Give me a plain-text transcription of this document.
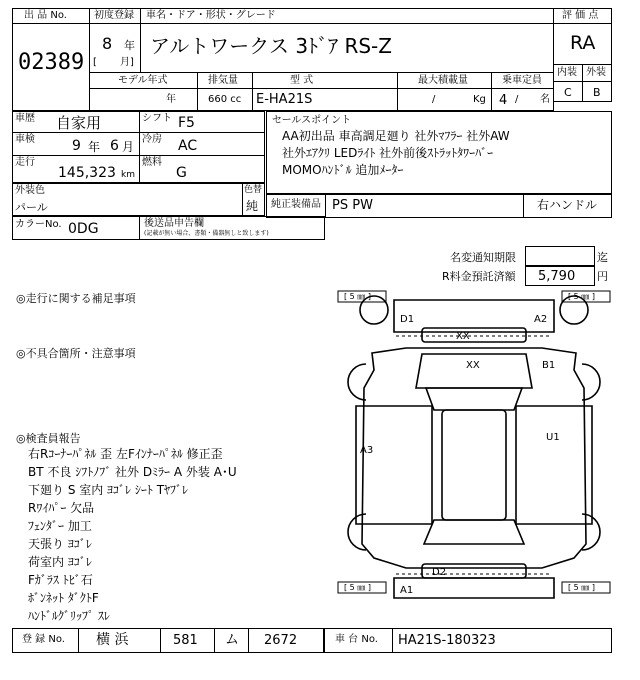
出 品 No.
02389
初度登録
8 年
[ 月]
車名・ドア・形状・グレード
アルトワークス 3ﾄﾞｱ RS-Z
評 価 点
RA
モデル年式
年
排気量
660 cc
型 式
E-HA21S
最大積載量
/	Kg
乗車定員
4 / 名
内装 外装
C B
車歴 自家用	シフト F5
車検	9 年 6 月
冷房 AC
走行
145,323 km
燃料
G
外装色
パール
色替
純
カラーNo. 0DG	後送品申告欄
(記載が無い場合、書類・備器無しと致します)
セールスポイント
AA初出品 車高調足廻り 社外ﾏﾌﾗｰ 社外AW
社外ｴｱｸﾘ LEDﾗｲﾄ 社外前後ｽﾄﾗｯﾄﾀﾜｰﾊﾞｰ
MOMOﾊﾝﾄﾞﾙ 追加ﾒｰﾀｰ
純正装備品 PS PW	右ハンドル
名変通知期限	迄
R料金預託済額 5,790 円
◎走行に関する補足事項
◎不具合箇所・注意事項
◎検査員報告
右Rｺｰﾅｰﾊﾟﾈﾙ 歪 左Fｲﾝﾅｰﾊﾟﾈﾙ 修正歪
BT 不良 ｼﾌﾄﾉﾌﾞ 社外 Dﾐﾗｰ A 外装 A･U
下廻り S 室内 ﾖｺﾞﾚ ｼｰﾄ Tﾔﾌﾞﾚ
Rﾜｲﾊﾟｰ 欠品
ﾌｪﾝﾀﾞｰ 加工
天張り ﾖｺﾞﾚ
荷室内 ﾖｺﾞﾚ
Fｶﾞﾗｽ ﾄﾋﾞ石
ﾎﾞﾝﾈｯﾄ ﾀﾞｸﾄF
ﾊﾝﾄﾞﾙｸﾞﾘｯﾌﾟ ｽﾚ
[ 5 ㎜ ]	[ 5 ㎜ ]
[ 5 ㎜ ]	[ 5 ㎜ ]
D1	A2
XX
XX	B1
A3
U1
D2
A1
登 録 No. 横 浜	581 ム 2672	車 台 No. HA21S-180323
